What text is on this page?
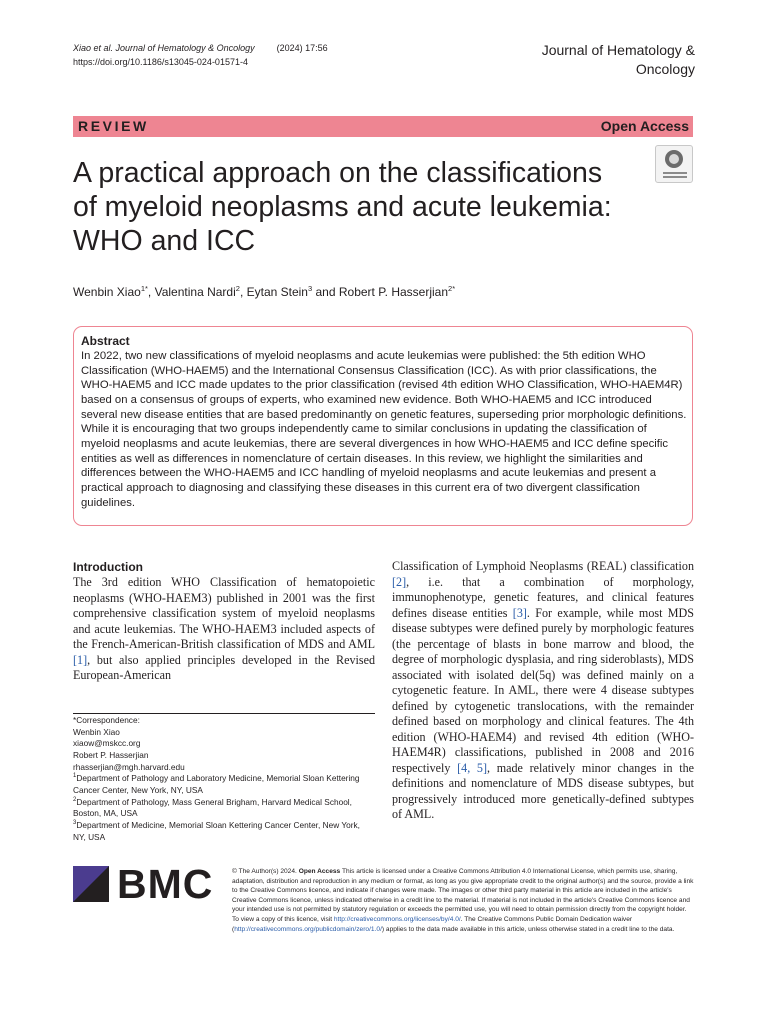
Xiao et al. Journal of Hematology & Oncology (2024) 17:56
https://doi.org/10.1186/s13045-024-01571-4
Journal of Hematology &
Oncology
REVIEW	Open Access
A practical approach on the classifications
of myeloid neoplasms and acute leukemia:
WHO and ICC
Wenbin Xiao$^{1*}$, Valentina Nardi$^2$, Eytan Stein$^3$ and Robert P. Hasserjian$^{2*}$
Abstract

In 2022, two new classifications of myeloid neoplasms and acute leukemias were published: the 5th edition WHO Classification (WHO-HAEM5) and the International Consensus Classification (ICC). As with prior classifications, the WHO-HAEM5 and ICC made updates to the prior classification (revised 4th edition WHO Classification, WHO-HAEM4R) based on a consensus of groups of experts, who examined new evidence. Both WHO-HAEM5 and ICC introduced several new disease entities that are based predominantly on genetic features, superseding prior morphologic definitions. While it is encouraging that two groups independently came to similar conclusions in updating the classification of myeloid neoplasms and acute leukemias, there are several divergences in how WHO-HAEM5 and ICC define specific entities as well as differences in nomenclature of certain diseases. In this review, we highlight the similarities and differences between the WHO-HAEM5 and ICC handling of myeloid neoplasms and acute leukemias and present a practical approach to diagnosing and classifying these diseases in this current era of two divergent classification guidelines.

Introduction

The 3rd edition WHO Classification of hematopoietic neoplasms (WHO-HAEM3) published in 2001 was the first comprehensive classification system of myeloid neoplasms and acute leukemias. The WHO-HAEM3 included aspects of the French-American-British classification of MDS and AML [1], but also applied principles developed in the Revised European-American

Classification of Lymphoid Neoplasms (REAL) classification [2], i.e. that a combination of morphology, immunophenotype, genetic features, and clinical features defines disease entities [3]. For example, while most MDS disease subtypes were defined purely by morphologic features (the percentage of blasts in bone marrow and blood, the degree of morphologic dysplasia, and ring sideroblasts), MDS associated with isolated del(5q) was defined mainly on a cytogenetic feature. In AML, there were 4 disease subtypes defined by cytogenetic translocations, with the remainder defined based on morphology and clinical features. The 4th edition (WHO-HAEM4) and revised 4th edition (WHO-HAEM4R) classifications, published in 2008 and 2016 respectively [4, 5], made relatively minor changes in the definitions and nomenclature of MDS disease subtypes, but progressively introduced more genetically-defined subtypes of AML.

*Correspondence:
Wenbin Xiao
xiaow@mskcc.org
Robert P. Hasserjian
rhasserjian@mgh.harvard.edu
$^1$Department of Pathology and Laboratory Medicine, Memorial Sloan Kettering Cancer Center, New York, NY, USA
$^2$Department of Pathology, Mass General Brigham, Harvard Medical School, Boston, MA, USA
$^3$Department of Medicine, Memorial Sloan Kettering Cancer Center, New York, NY, USA
BMC	© The Author(s) 2024. Open Access This article is licensed under a Creative Commons Attribution 4.0 International License, which permits use, sharing, adaptation, distribution and reproduction in any medium or format, as long as you give appropriate credit to the original author(s) and the source, provide a link to the Creative Commons licence, and indicate if changes were made. The images or other third party material in this article are included in the article's Creative Commons licence, unless indicated otherwise in a credit line to the material. If material is not included in the article's Creative Commons licence and your intended use is not permitted by statutory regulation or exceeds the permitted use, you will need to obtain permission directly from the copyright holder. To view a copy of this licence, visit http://creativecommons.org/licenses/by/4.0/. The Creative Commons Public Domain Dedication waiver (http://creativecommons.org/publicdomain/zero/1.0/) applies to the data made available in this article, unless otherwise stated in a credit line to the data.
